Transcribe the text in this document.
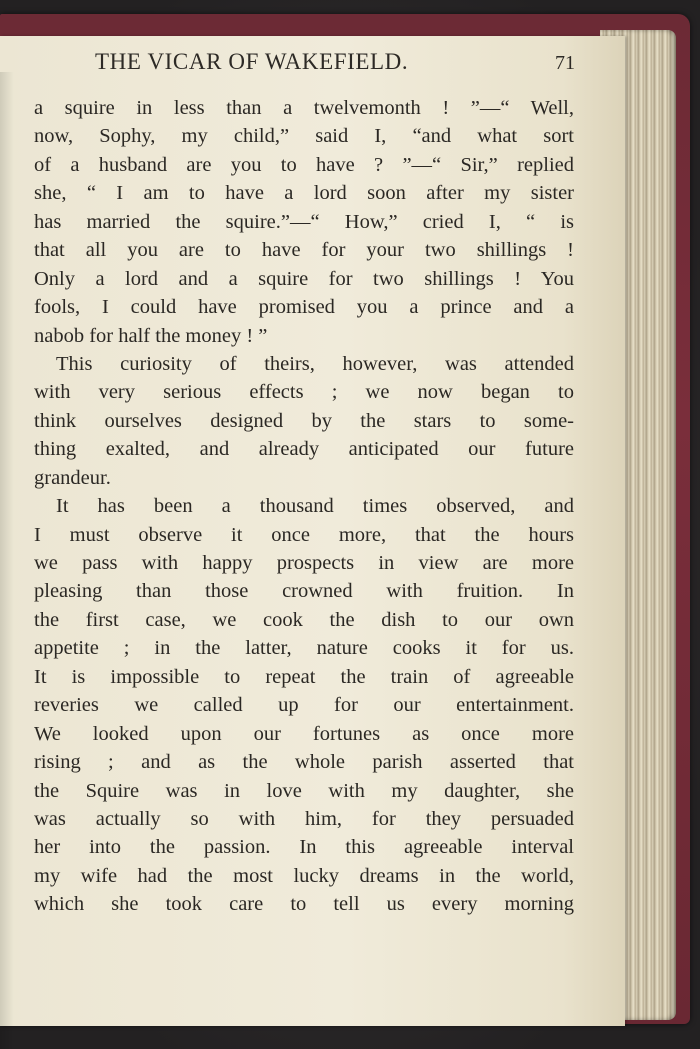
THE VICAR OF WAKEFIELD.	71
a squire in less than a twelvemonth ! ”—“ Well,
now, Sophy, my child,” said I, “and what sort
of a husband are you to have ? ”—“ Sir,” replied
she, “ I am to have a lord soon after my sister
has married the squire.”—“ How,” cried I, “ is
that all you are to have for your two shillings !
Only a lord and a squire for two shillings ! You
fools, I could have promised you a prince and a
nabob for half the money ! ”
This curiosity of theirs, however, was attended
with very serious effects ; we now began to
think ourselves designed by the stars to some-
thing exalted, and already anticipated our future
grandeur.
It has been a thousand times observed, and
I must observe it once more, that the hours
we pass with happy prospects in view are more
pleasing than those crowned with fruition. In
the first case, we cook the dish to our own
appetite ; in the latter, nature cooks it for us.
It is impossible to repeat the train of agreeable
reveries we called up for our entertainment.
We looked upon our fortunes as once more
rising ; and as the whole parish asserted that
the Squire was in love with my daughter, she
was actually so with him, for they persuaded
her into the passion. In this agreeable interval
my wife had the most lucky dreams in the world,
which she took care to tell us every morning
